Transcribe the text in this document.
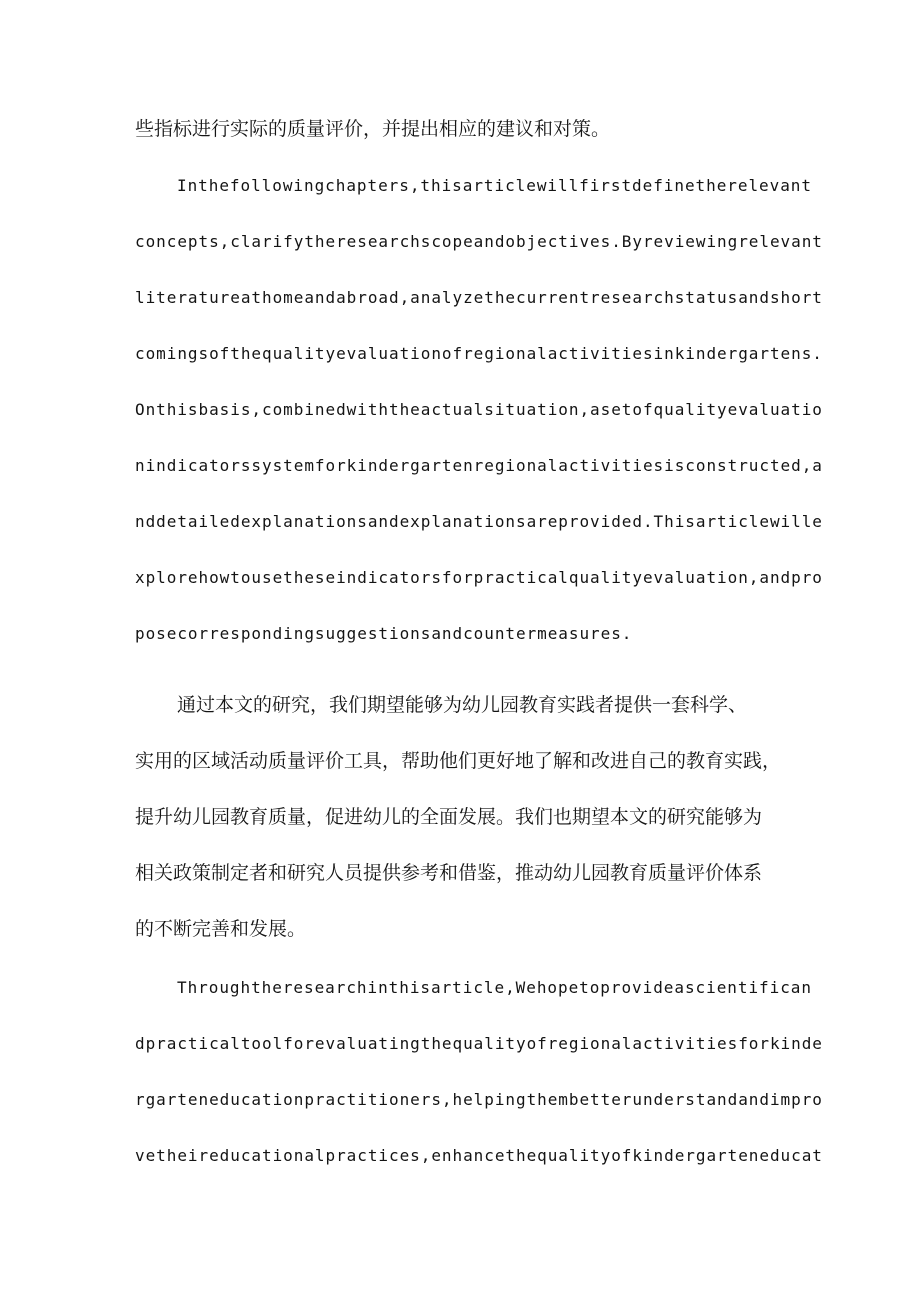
些指标进行实际的质量评价，并提出相应的建议和对策。
Inthefollowingchapters,thisarticlewillfirstdefinetherelevant
concepts,clarifytheresearchscopeandobjectives.Byreviewingrelevant
literatureathomeandabroad,analyzethecurrentresearchstatusandshort
comingsofthequalityevaluationofregionalactivitiesinkindergartens.
Onthisbasis,combinedwiththeactualsituation,asetofqualityevaluatio
nindicatorssystemforkindergartenregionalactivitiesisconstructed,a
nddetailedexplanationsandexplanationsareprovided.Thisarticlewille
xplorehowtousetheseindicatorsforpracticalqualityevaluation,andpro
posecorrespondingsuggestionsandcountermeasures.
通过本文的研究，我们期望能够为幼儿园教育实践者提供一套科学、
实用的区域活动质量评价工具，帮助他们更好地了解和改进自己的教育实践，
提升幼儿园教育质量，促进幼儿的全面发展。我们也期望本文的研究能够为
相关政策制定者和研究人员提供参考和借鉴，推动幼儿园教育质量评价体系
的不断完善和发展。
Throughtheresearchinthisarticle,Wehopetoprovideascientifican
dpracticaltoolforevaluatingthequalityofregionalactivitiesforkinde
rgarteneducationpractitioners,helpingthembetterunderstandandimpro
vetheireducationalpractices,enhancethequalityofkindergarteneducat
